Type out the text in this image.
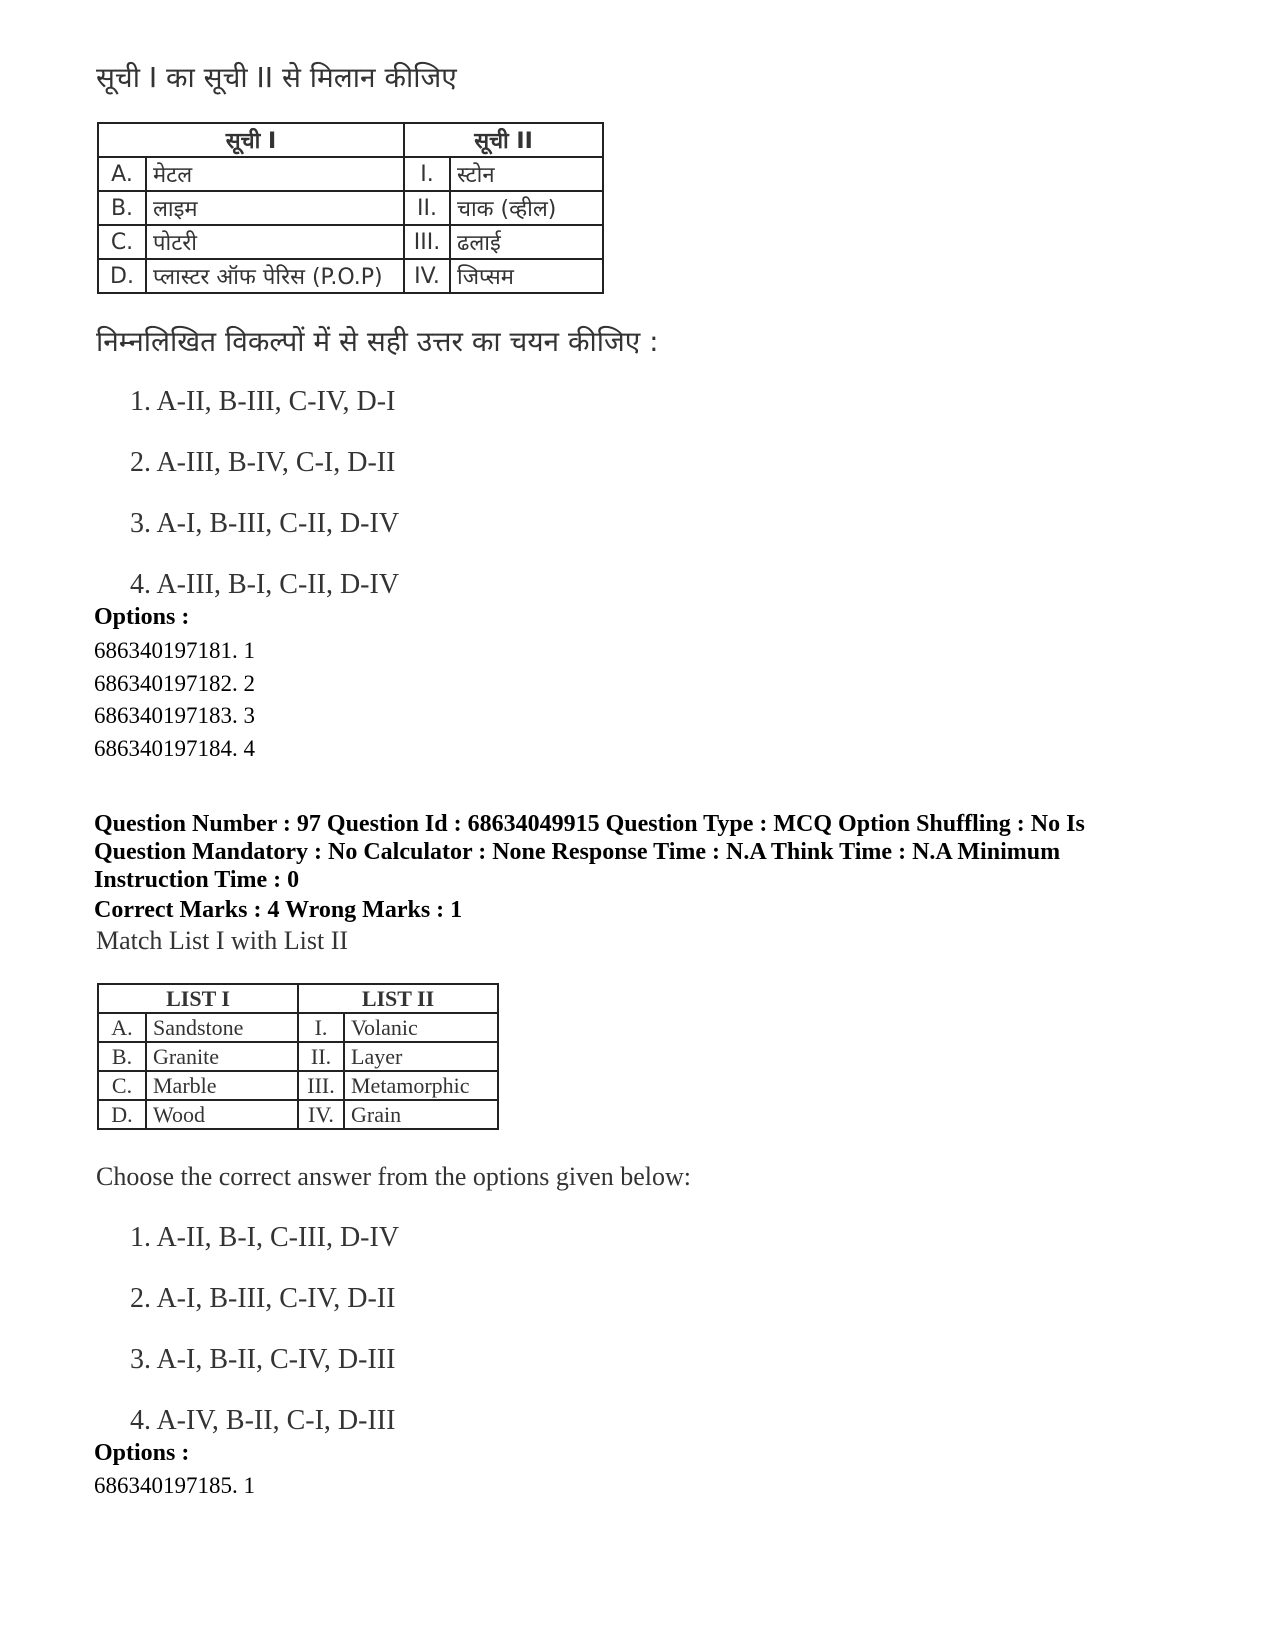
सूची I का सूची II से मिलान कीजिए
सूची I		सूची II	
A.	मेटल	I.	स्टोन
B.	लाइम	II.	चाक (व्हील)
C.	पोटरी	III.	ढलाई
D.	प्लास्टर ऑफ पेरिस (P.O.P)	IV.	जिप्सम
निम्नलिखित विकल्पों में से सही उत्तर का चयन कीजिए :
1. A-II, B-III, C-IV, D-I
2. A-III, B-IV, C-I, D-II
3. A-I, B-III, C-II, D-IV
4. A-III, B-I, C-II, D-IV
Options :
686340197181. 1
686340197182. 2
686340197183. 3
686340197184. 4
Question Number : 97 Question Id : 68634049915 Question Type : MCQ Option Shuffling : No Is
Question Mandatory : No Calculator : None Response Time : N.A Think Time : N.A Minimum
Instruction Time : 0
Correct Marks : 4 Wrong Marks : 1
Match List I with List II
LIST I		LIST II	
A.	Sandstone	I.	Volanic
B.	Granite	II.	Layer
C.	Marble	III.	Metamorphic
D.	Wood	IV.	Grain
Choose the correct answer from the options given below:
1. A-II, B-I, C-III, D-IV
2. A-I, B-III, C-IV, D-II
3. A-I, B-II, C-IV, D-III
4. A-IV, B-II, C-I, D-III
Options :
686340197185. 1
